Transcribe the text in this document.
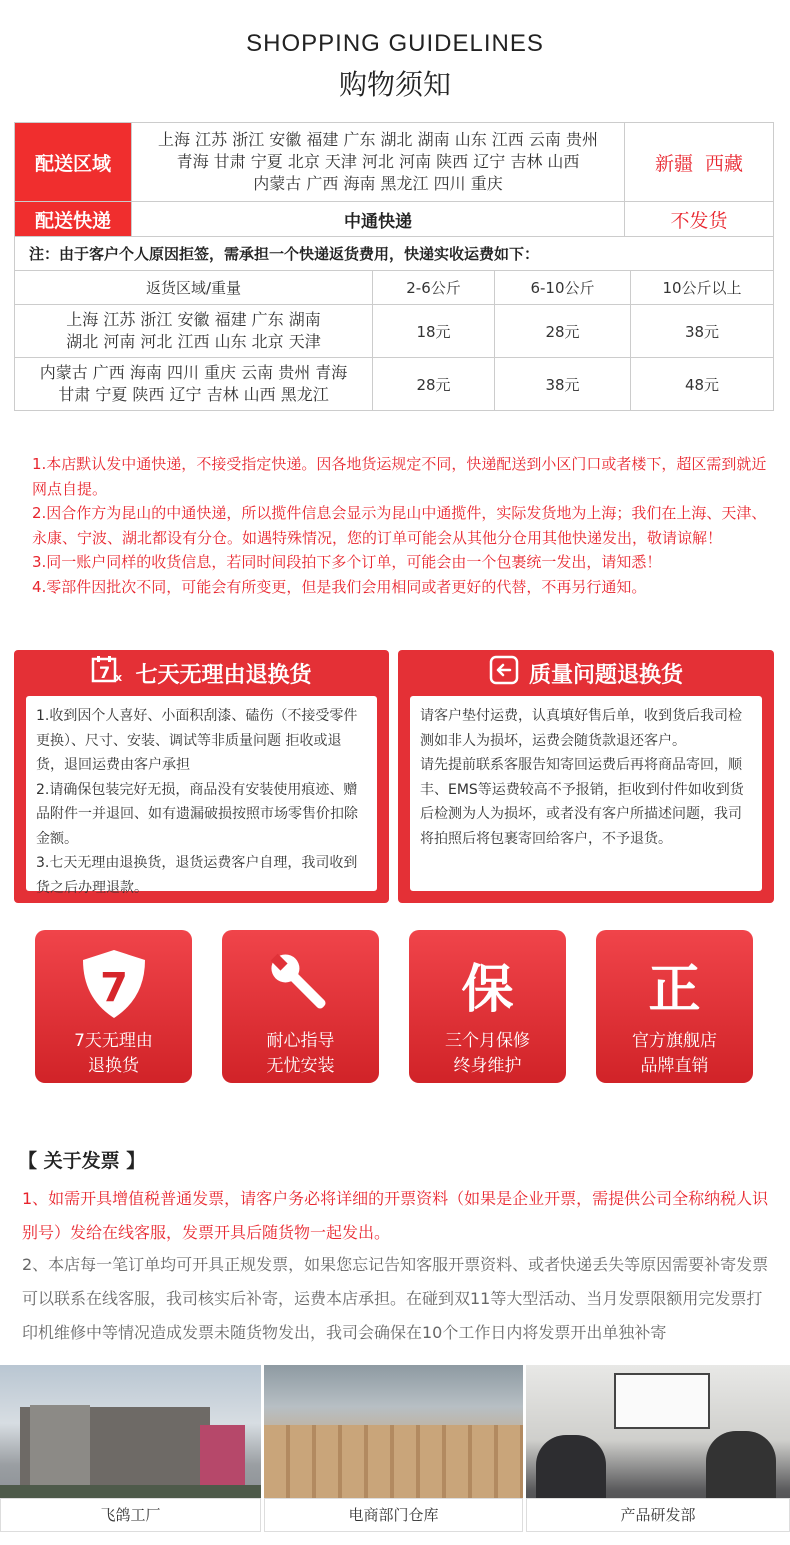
SHOPPING GUIDELINES
购物须知
配送区域	上海 江苏 浙江 安徽 福建 广东 湖北 湖南 山东 江西 云南 贵州
青海 甘肃 宁夏 北京 天津 河北 河南 陕西 辽宁 吉林 山西
内蒙古 广西 海南 黑龙江 四川 重庆	新疆  西藏
配送快递	中通快递	不发货
注：由于客户个人原因拒签，需承担一个快递返货费用，快递实收运费如下：
返货区域/重量	2-6公斤	6-10公斤	10公斤以上

上海 江苏 浙江 安徽 福建 广东 湖南
湖北 河南 河北 江西 山东 北京 天津	18元	28元	38元

内蒙古 广西 海南 四川 重庆 云南 贵州 青海
甘肃 宁夏 陕西 辽宁 吉林 山西 黑龙江	28元	38元	48元

1.本店默认发中通快递，不接受指定快递。因各地货运规定不同，快递配送到小区门口或者楼下，超区需到就近网点自提。

2.因合作方为昆山的中通快递，所以揽件信息会显示为昆山中通揽件，实际发货地为上海；我们在上海、天津、永康、宁波、湖北都设有分仓。如遇特殊情况，您的订单可能会从其他分仓用其他快递发出，敬请谅解！

3.同一账户同样的收货信息，若同时间段拍下多个订单，可能会由一个包裹统一发出，请知悉！

4.零部件因批次不同，可能会有所变更，但是我们会用相同或者更好的代替，不再另行通知。

7 x 七天无理由退换货

1.收到因个人喜好、小面积刮漆、磕伤（不接受零件更换）、尺寸、安装、调试等非质量问题 拒收或退货，退回运费由客户承担

2.请确保包装完好无损，商品没有安装使用痕迹、赠品附件一并退回、如有遗漏破损按照市场零售价扣除金额。

3.七天无理由退换货，退货运费客户自理，我司收到货之后办理退款。

质量问题退换货

请客户垫付运费，认真填好售后单，收到货后我司检测如非人为损坏，运费会随货款退还客户。

请先提前联系客服告知寄回运费后再将商品寄回，顺丰、EMS等运费较高不予报销，拒收到付件如收到货后检测为人为损坏，或者没有客户所描述问题，我司将拍照后将包裹寄回给客户，不予退货。

7
7天无理由
退换货
耐心指导
无忧安装
保
三个月保修
终身维护
正
官方旗舰店
品牌直销
【 关于发票 】

1、如需开具增值税普通发票，请客户务必将详细的开票资料（如果是企业开票，需提供公司全称纳税人识别号）发给在线客服，发票开具后随货物一起发出。

2、本店每一笔订单均可开具正规发票，如果您忘记告知客服开票资料、或者快递丢失等原因需要补寄发票可以联系在线客服，我司核实后补寄，运费本店承担。在碰到双11等大型活动、当月发票限额用完发票打印机维修中等情况造成发票未随货物发出，我司会确保在10个工作日内将发票开出单独补寄

飞鸽工厂	电商部门仓库	产品研发部
